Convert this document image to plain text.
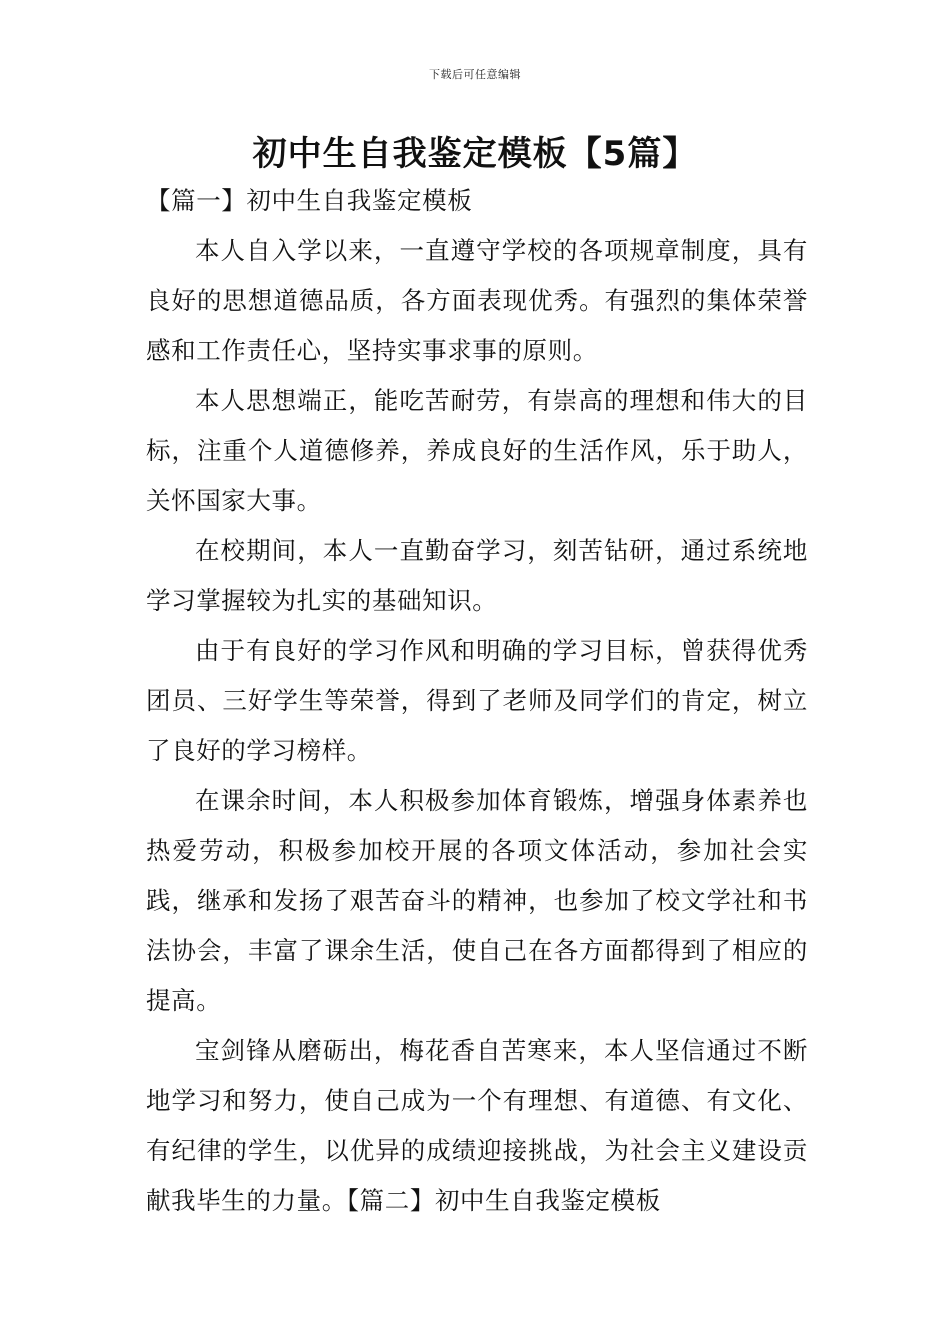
下载后可任意编辑
初中生自我鉴定模板【5篇】

【篇一】初中生自我鉴定模板

本人自入学以来，一直遵守学校的各项规章制度，具有良好的思想道德品质，各方面表现优秀。有强烈的集体荣誉感和工作责任心，坚持实事求事的原则。

本人思想端正，能吃苦耐劳，有崇高的理想和伟大的目标，注重个人道德修养，养成良好的生活作风，乐于助人，关怀国家大事。

在校期间，本人一直勤奋学习，刻苦钻研，通过系统地学习掌握较为扎实的基础知识。

由于有良好的学习作风和明确的学习目标，曾获得优秀团员、三好学生等荣誉，得到了老师及同学们的肯定，树立了良好的学习榜样。

在课余时间，本人积极参加体育锻炼，增强身体素养也热爱劳动，积极参加校开展的各项文体活动，参加社会实践，继承和发扬了艰苦奋斗的精神，也参加了校文学社和书法协会，丰富了课余生活，使自己在各方面都得到了相应的提高。

宝剑锋从磨砺出，梅花香自苦寒来，本人坚信通过不断地学习和努力，使自己成为一个有理想、有道德、有文化、有纪律的学生，以优异的成绩迎接挑战，为社会主义建设贡献我毕生的力量。【篇二】初中生自我鉴定模板
